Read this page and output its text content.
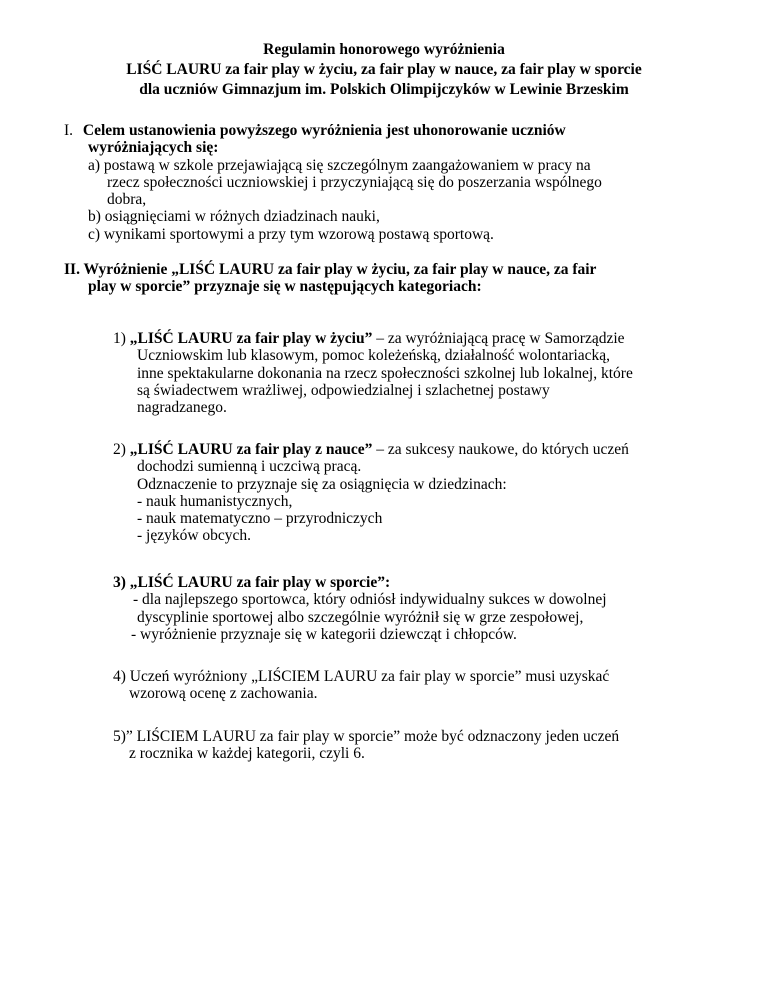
Regulamin honorowego wyróżnienia
LIŚĆ LAURU za fair play w życiu, za fair play w nauce, za fair play w sporcie
dla uczniów Gimnazjum im. Polskich Olimpijczyków w Lewinie Brzeskim
I. Celem ustanowienia powyższego wyróżnienia jest uhonorowanie uczniów
wyróżniających się:
a) postawą w szkole przejawiającą się szczególnym zaangażowaniem w pracy na
rzecz społeczności uczniowskiej i przyczyniającą się do poszerzania wspólnego
dobra,
b) osiągnięciami w różnych dziadzinach nauki,
c) wynikami sportowymi a przy tym wzorową postawą sportową.
II. Wyróżnienie „LIŚĆ LAURU za fair play w życiu, za fair play w nauce, za fair
play w sporcie” przyznaje się w następujących kategoriach:
1) „LIŚĆ LAURU za fair play w życiu” – za wyróżniającą pracę w Samorządzie
Uczniowskim lub klasowym, pomoc koleżeńską, działalność wolontariacką,
inne spektakularne dokonania na rzecz społeczności szkolnej lub lokalnej, które
są świadectwem wrażliwej, odpowiedzialnej i szlachetnej postawy
nagradzanego.
2) „LIŚĆ LAURU za fair play z nauce” – za sukcesy naukowe, do których uczeń
dochodzi sumienną i uczciwą pracą.
Odznaczenie to przyznaje się za osiągnięcia w dziedzinach:
- nauk humanistycznych,
- nauk matematyczno – przyrodniczych
- języków obcych.
3) „LIŚĆ LAURU za fair play w sporcie”:
- dla najlepszego sportowca, który odniósł indywidualny sukces w dowolnej
dyscyplinie sportowej albo szczególnie wyróżnił się w grze zespołowej,
- wyróżnienie przyznaje się w kategorii dziewcząt i chłopców.
4) Uczeń wyróżniony „LIŚCIEM LAURU za fair play w sporcie” musi uzyskać
wzorową ocenę z zachowania.
5)” LIŚCIEM LAURU za fair play w sporcie” może być odznaczony jeden uczeń
z rocznika w każdej kategorii, czyli 6.
